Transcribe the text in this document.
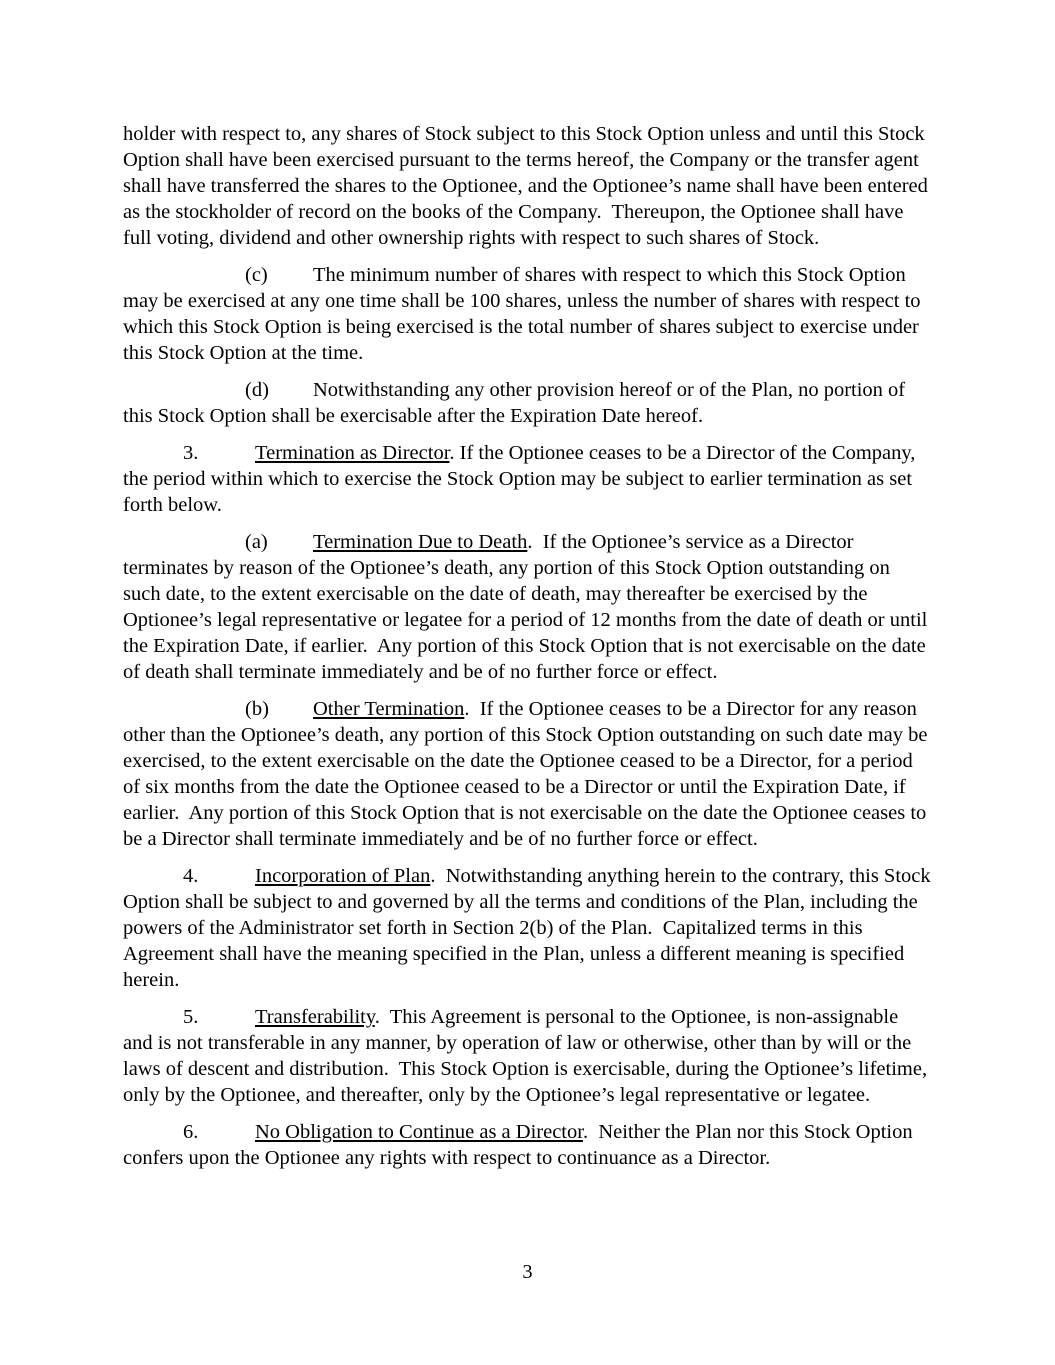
holder with respect to, any shares of Stock subject to this Stock Option unless and until this Stock Option shall have been exercised pursuant to the terms hereof, the Company or the transfer agent shall have transferred the shares to the Optionee, and the Optionee’s name shall have been entered as the stockholder of record on the books of the Company.  Thereupon, the Optionee shall have full voting, dividend and other ownership rights with respect to such shares of Stock.

(c) The minimum number of shares with respect to which this Stock Option may be exercised at any one time shall be 100 shares, unless the number of shares with respect to which this Stock Option is being exercised is the total number of shares subject to exercise under this Stock Option at the time.

(d) Notwithstanding any other provision hereof or of the Plan, no portion of this Stock Option shall be exercisable after the Expiration Date hereof.

3.	Termination as Director. If the Optionee ceases to be a Director of the Company, the period within which to exercise the Stock Option may be subject to earlier termination as set forth below.

(a) Termination Due to Death.  If the Optionee’s service as a Director terminates by reason of the Optionee’s death, any portion of this Stock Option outstanding on such date, to the extent exercisable on the date of death, may thereafter be exercised by the Optionee’s legal representative or legatee for a period of 12 months from the date of death or until the Expiration Date, if earlier.  Any portion of this Stock Option that is not exercisable on the date of death shall terminate immediately and be of no further force or effect.

(b) Other Termination.  If the Optionee ceases to be a Director for any reason other than the Optionee’s death, any portion of this Stock Option outstanding on such date may be exercised, to the extent exercisable on the date the Optionee ceased to be a Director, for a period of six months from the date the Optionee ceased to be a Director or until the Expiration Date, if earlier.  Any portion of this Stock Option that is not exercisable on the date the Optionee ceases to be a Director shall terminate immediately and be of no further force or effect.

4.	Incorporation of Plan.  Notwithstanding anything herein to the contrary, this Stock Option shall be subject to and governed by all the terms and conditions of the Plan, including the powers of the Administrator set forth in Section 2(b) of the Plan.  Capitalized terms in this Agreement shall have the meaning specified in the Plan, unless a different meaning is specified herein.

5.	Transferability.  This Agreement is personal to the Optionee, is non-assignable and is not transferable in any manner, by operation of law or otherwise, other than by will or the laws of descent and distribution.  This Stock Option is exercisable, during the Optionee’s lifetime, only by the Optionee, and thereafter, only by the Optionee’s legal representative or legatee.

6.	No Obligation to Continue as a Director.  Neither the Plan nor this Stock Option confers upon the Optionee any rights with respect to continuance as a Director.

3
